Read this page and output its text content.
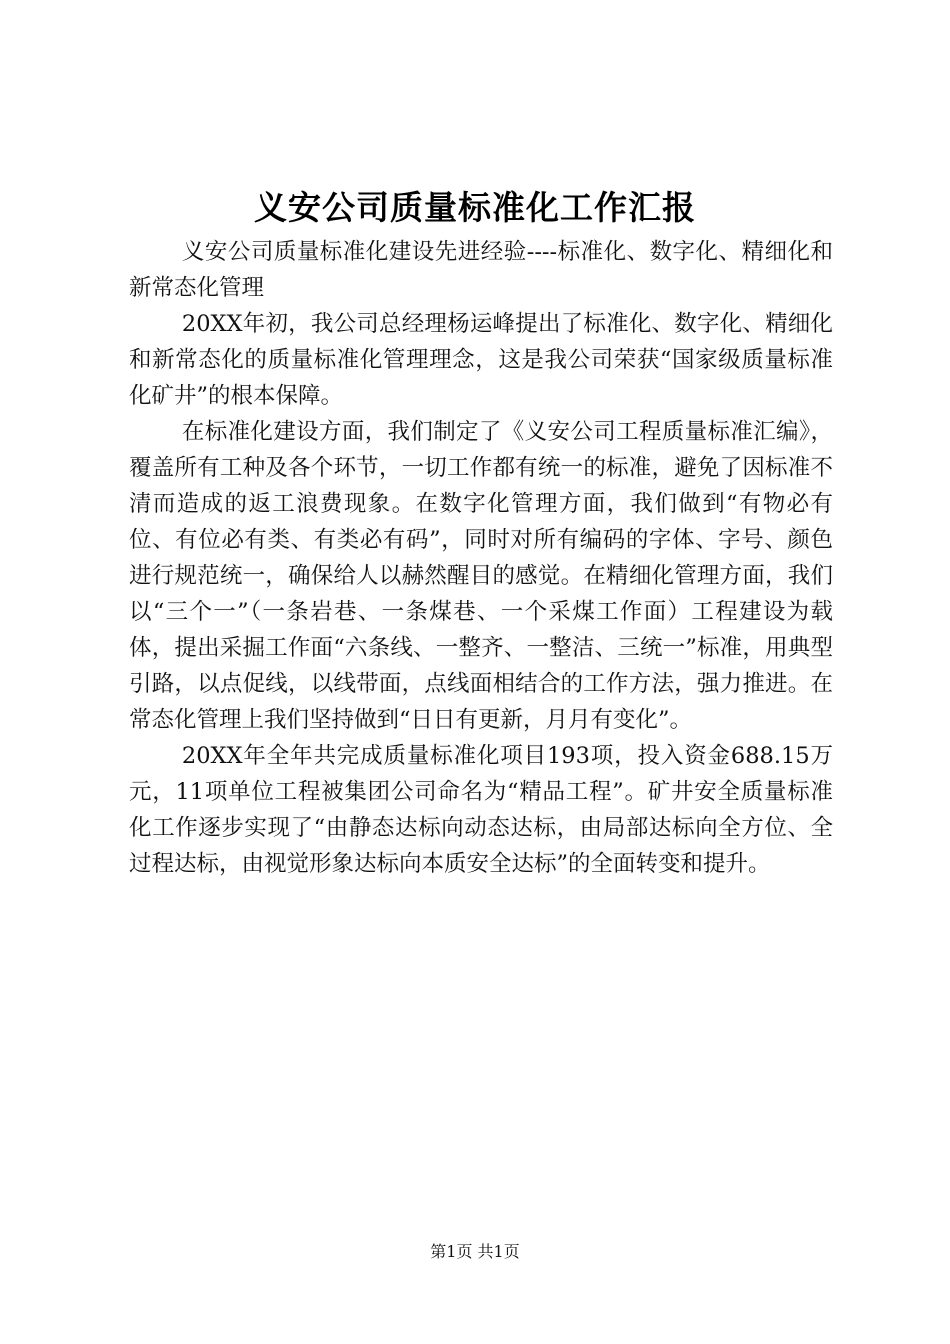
义安公司质量标准化工作汇报

义安公司质量标准化建设先进经验----标准化、数字化、精细化和新常态化管理

20XX年初，我公司总经理杨运峰提出了标准化、数字化、精细化和新常态化的质量标准化管理理念，这是我公司荣获“国家级质量标准化矿井”的根本保障。

在标准化建设方面，我们制定了《义安公司工程质量标准汇编》，覆盖所有工种及各个环节，一切工作都有统一的标准，避免了因标准不清而造成的返工浪费现象。在数字化管理方面，我们做到“有物必有位、有位必有类、有类必有码”，同时对所有编码的字体、字号、颜色进行规范统一，确保给人以赫然醒目的感觉。在精细化管理方面，我们以“三个一”（一条岩巷、一条煤巷、一个采煤工作面）工程建设为载体，提出采掘工作面“六条线、一整齐、一整洁、三统一”标准，用典型引路，以点促线，以线带面，点线面相结合的工作方法，强力推进。在常态化管理上我们坚持做到“日日有更新，月月有变化”。

20XX年全年共完成质量标准化项目193项，投入资金688.15万元，11项单位工程被集团公司命名为“精品工程”。矿井安全质量标准化工作逐步实现了“由静态达标向动态达标，由局部达标向全方位、全过程达标，由视觉形象达标向本质安全达标”的全面转变和提升。

第1页 共1页
